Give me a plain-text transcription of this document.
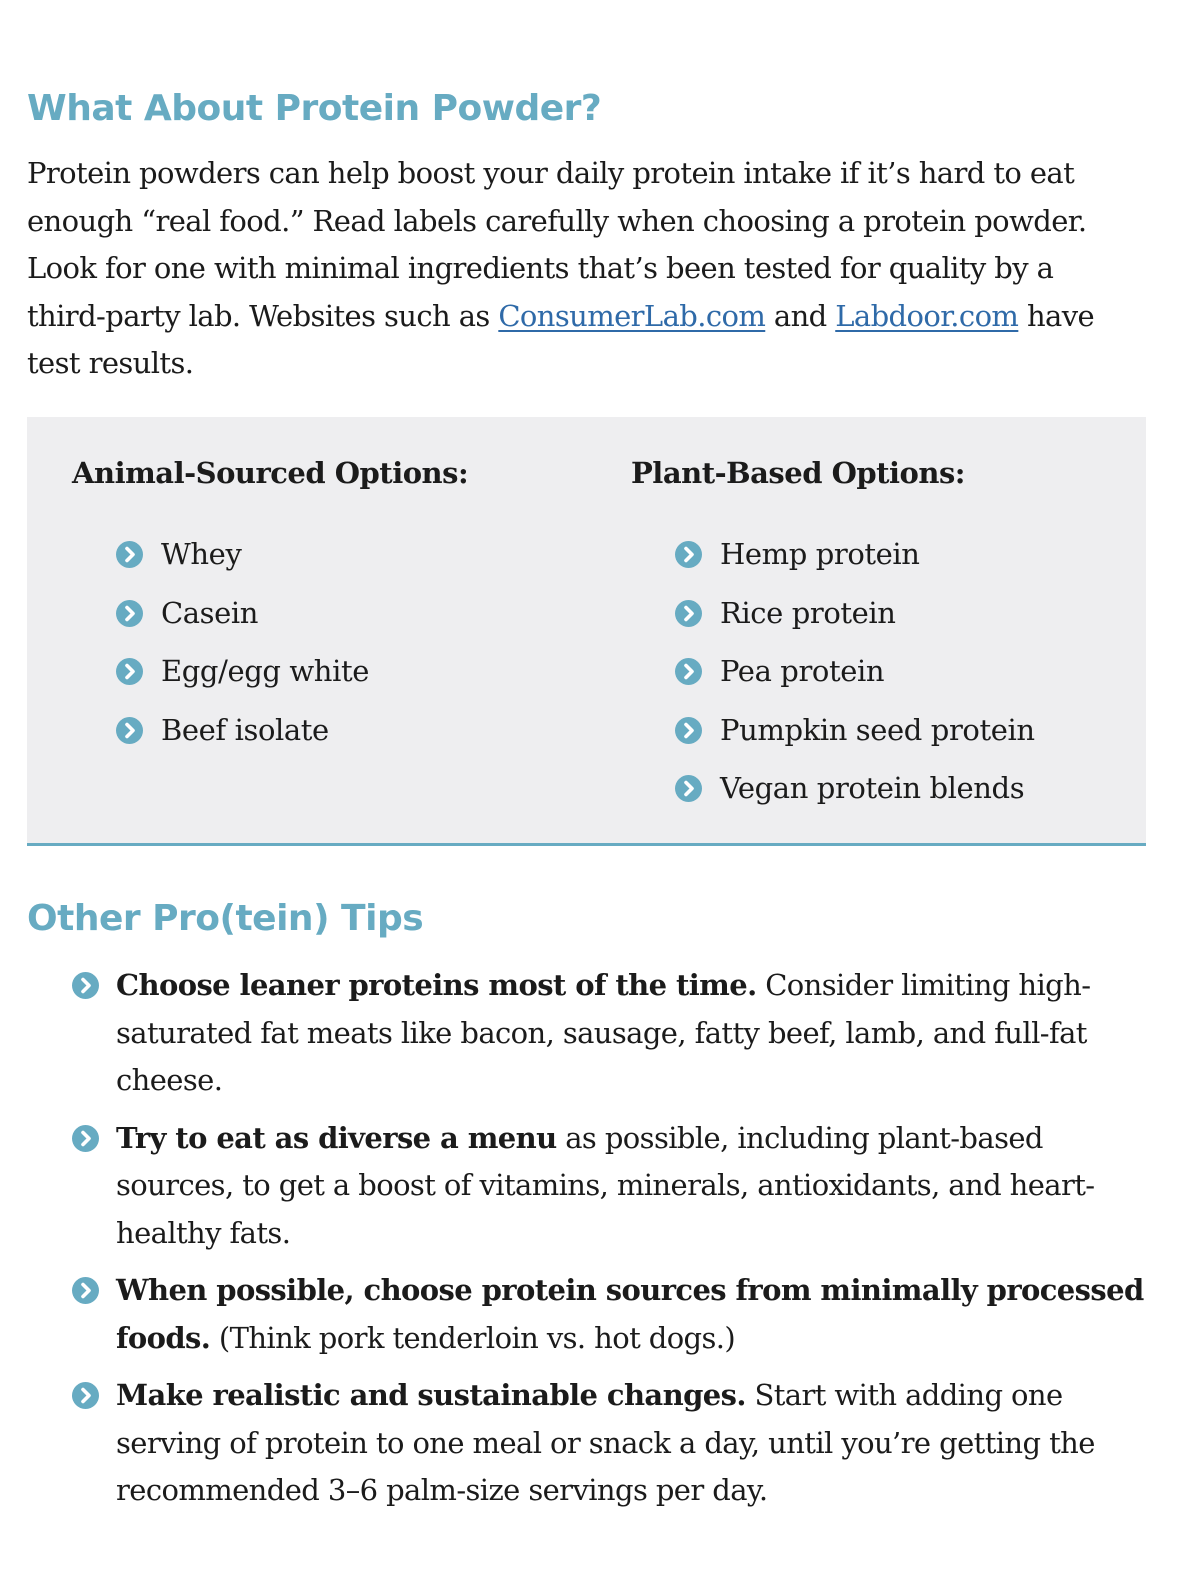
What About Protein Powder?

Protein powders can help boost your daily protein intake if it’s hard to eat enough “real food.” Read labels carefully when choosing a protein powder. Look for one with minimal ingredients that’s been tested for quality by a third-party lab. Websites such as ConsumerLab.com and Labdoor.com have test results.

Animal-Sourced Options:
Whey
Casein
Egg/egg white
Beef isolate
Plant-Based Options:
Hemp protein
Rice protein
Pea protein
Pumpkin seed protein
Vegan protein blends
Other Pro(tein) Tips
Choose leaner proteins most of the time. Consider limiting high-saturated fat meats like bacon, sausage, fatty beef, lamb, and full-fat cheese.
Try to eat as diverse a menu as possible, including plant-based sources, to get a boost of vitamins, minerals, antioxidants, and heart-healthy fats.
When possible, choose protein sources from minimally processed foods. (Think pork tenderloin vs. hot dogs.)
Make realistic and sustainable changes. Start with adding one serving of protein to one meal or snack a day, until you’re getting the recommended 3–6 palm-size servings per day.
